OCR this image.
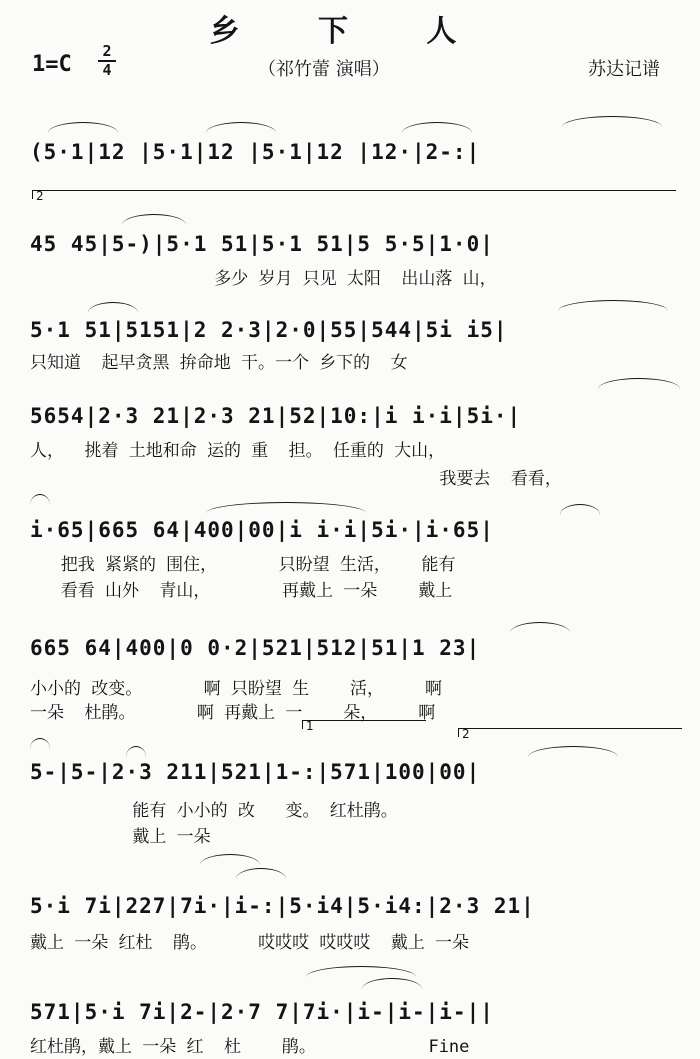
乡 下 人
1=C
2
4	（祁竹蕾 演唱）	苏达记谱
(5·1|12 |5·1|12 |5·1|12 |12·|2-:|
2
45 45|5-)|5·1 51|5·1 51|5 5·5|1·0|
多少 岁月 只见 太阳  出山落 山，
5·1 51|5151|2 2·3|2·0|55|544|5i i5|
只知道  起早贪黑 拚命地 干。一个 乡下的  女
5654|2·3 21|2·3 21|52|10:|i i·i|5i·|
人，  挑着 土地和命 运的 重  担。 任重的 大山，
我要去  看看，
i·65|665 64|400|00|i i·i|5i·|i·65|
把我 紧紧的 围住，      只盼望 生活，   能有
看看 山外  青山，       再戴上 一朵    戴上
665 64|400|0 0·2|521|512|51|1 23|
小小的 改变。      啊 只盼望 生    活，    啊
一朵  杜鹃。      啊 再戴上 一    朵，    啊
1
2
5-|5-|2·3 211|521|1-:|571|100|00|
能有 小小的 改   变。 红杜鹃。
戴上 一朵
5·i 7i|227|7i·|i-:|5·i4|5·i4:|2·3 21|
戴上 一朵 红杜  鹃。     哎哎哎 哎哎哎  戴上 一朵
571|5·i 7i|2-|2·7 7|7i·|i-|i-|i-||
红杜鹃，戴上 一朵 红  杜    鹃。           Fine
